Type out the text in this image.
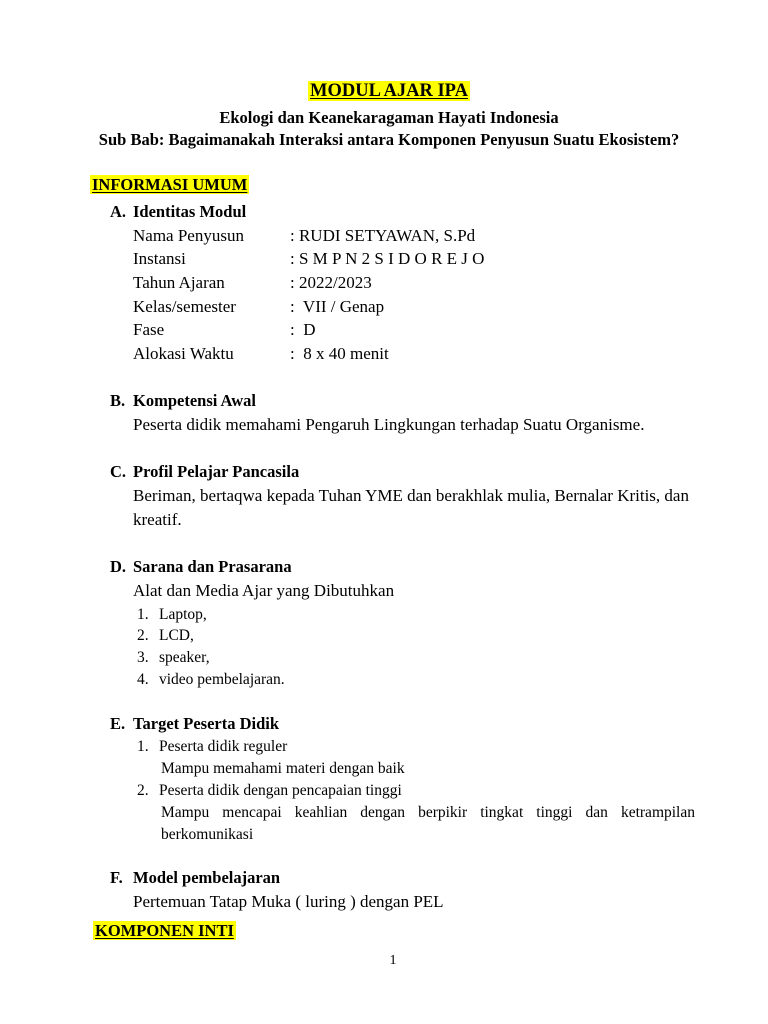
MODUL AJAR IPA
Ekologi dan Keanekaragaman Hayati Indonesia
Sub Bab: Bagaimanakah Interaksi antara Komponen Penyusun Suatu Ekosistem?
INFORMASI UMUM
A. Identitas Modul
Nama Penyusun	: RUDI SETYAWAN, S.Pd
Instansi	: S M P N 2 S I D O R E J O
Tahun Ajaran	: 2022/2023
Kelas/semester	:  VII / Genap
Fase	:  D
Alokasi Waktu	:  8 x 40 menit
B. Kompetensi Awal
Peserta didik memahami Pengaruh Lingkungan terhadap Suatu Organisme.
C. Profil Pelajar Pancasila
Beriman, bertaqwa kepada Tuhan YME dan berakhlak mulia, Bernalar Kritis, dan
kreatif.
D. Sarana dan Prasarana
Alat dan Media Ajar yang Dibutuhkan
1. Laptop,
2. LCD,
3. speaker,
4. video pembelajaran.
E. Target Peserta Didik
1. Peserta didik reguler
Mampu memahami materi dengan baik
2. Peserta didik dengan pencapaian tinggi
Mampu mencapai keahlian dengan berpikir tingkat tinggi dan ketrampilan
berkomunikasi
F. Model pembelajaran
Pertemuan Tatap Muka ( luring ) dengan PEL
KOMPONEN INTI
1
